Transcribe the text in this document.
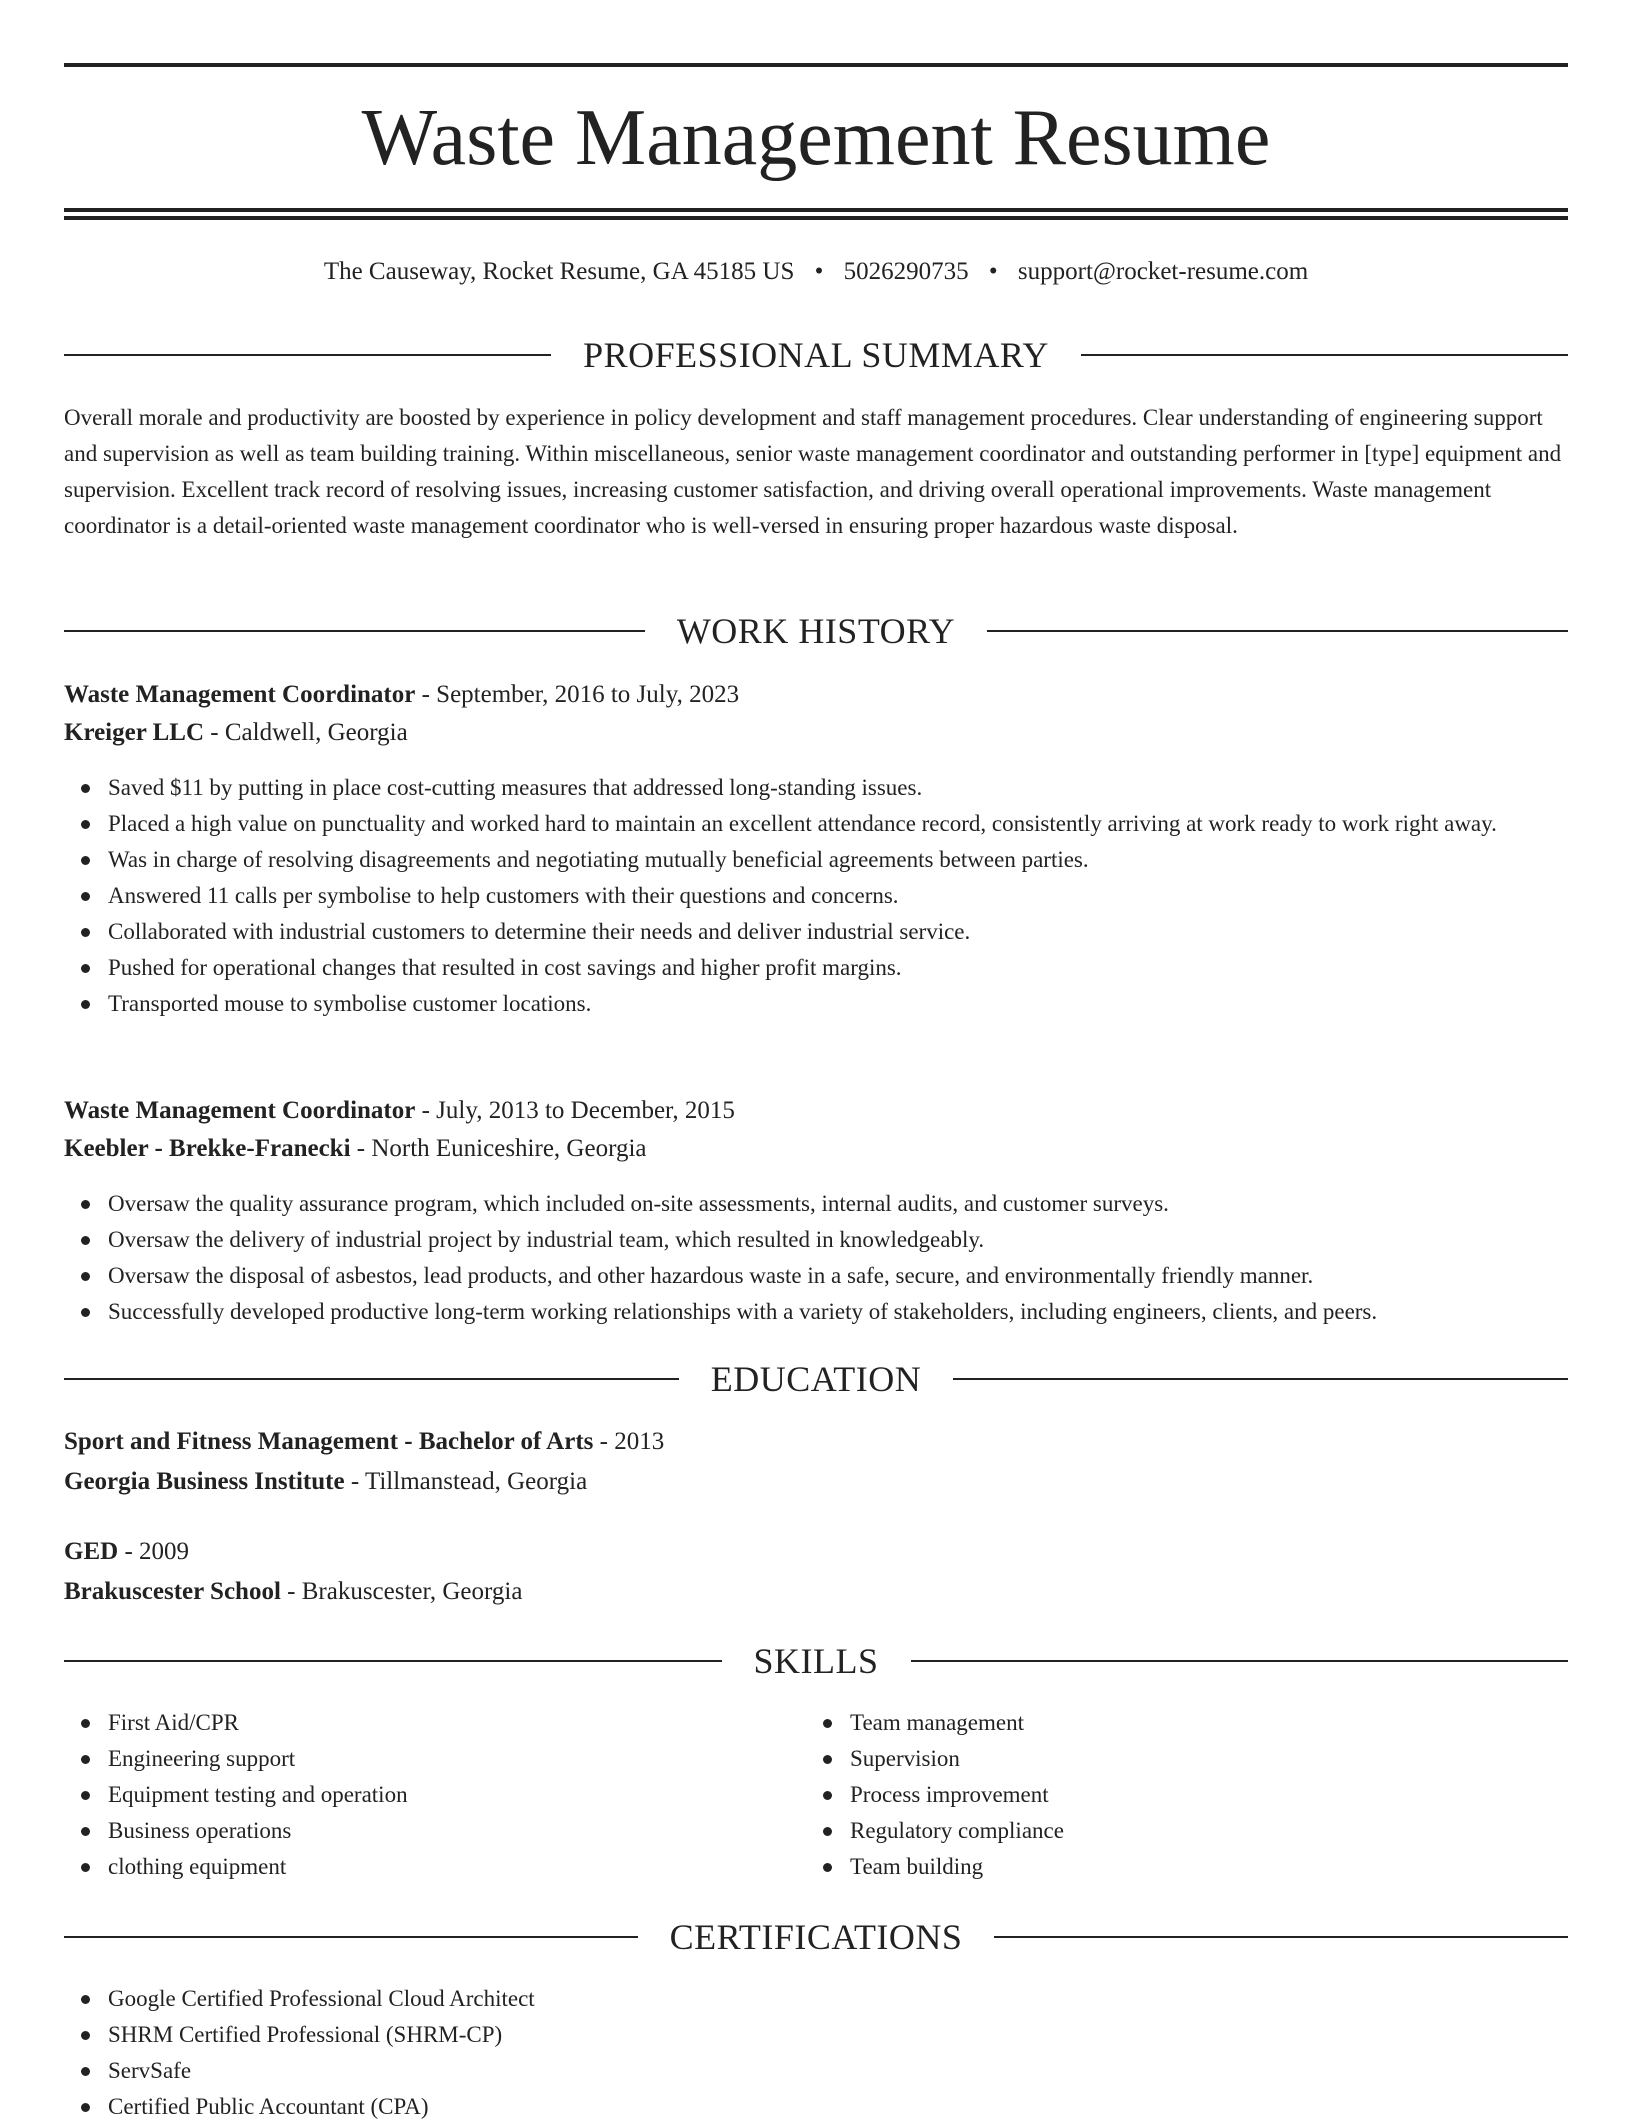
Waste Management Resume
The Causeway, Rocket Resume, GA 45185 US • 5026290735 • support@rocket-resume.com
PROFESSIONAL SUMMARY

Overall morale and productivity are boosted by experience in policy development and staff management procedures. Clear understanding of engineering support and supervision as well as team building training. Within miscellaneous, senior waste management coordinator and outstanding performer in [type] equipment and supervision. Excellent track record of resolving issues, increasing customer satisfaction, and driving overall operational improvements. Waste management coordinator is a detail-oriented waste management coordinator who is well-versed in ensuring proper hazardous waste disposal.

WORK HISTORY
Waste Management Coordinator - September, 2016 to July, 2023
Kreiger LLC - Caldwell, Georgia
Saved $11 by putting in place cost-cutting measures that addressed long-standing issues.
Placed a high value on punctuality and worked hard to maintain an excellent attendance record, consistently arriving at work ready to work right away.
Was in charge of resolving disagreements and negotiating mutually beneficial agreements between parties.
Answered 11 calls per symbolise to help customers with their questions and concerns.
Collaborated with industrial customers to determine their needs and deliver industrial service.
Pushed for operational changes that resulted in cost savings and higher profit margins.
Transported mouse to symbolise customer locations.
Waste Management Coordinator - July, 2013 to December, 2015
Keebler - Brekke-Franecki - North Euniceshire, Georgia
Oversaw the quality assurance program, which included on-site assessments, internal audits, and customer surveys.
Oversaw the delivery of industrial project by industrial team, which resulted in knowledgeably.
Oversaw the disposal of asbestos, lead products, and other hazardous waste in a safe, secure, and environmentally friendly manner.
Successfully developed productive long-term working relationships with a variety of stakeholders, including engineers, clients, and peers.
EDUCATION
Sport and Fitness Management - Bachelor of Arts - 2013
Georgia Business Institute - Tillmanstead, Georgia
GED - 2009
Brakuscester School - Brakuscester, Georgia
SKILLS
First Aid/CPR
Engineering support
Equipment testing and operation
Business operations
clothing equipment
Team management
Supervision
Process improvement
Regulatory compliance
Team building
CERTIFICATIONS
Google Certified Professional Cloud Architect
SHRM Certified Professional (SHRM-CP)
ServSafe
Certified Public Accountant (CPA)
